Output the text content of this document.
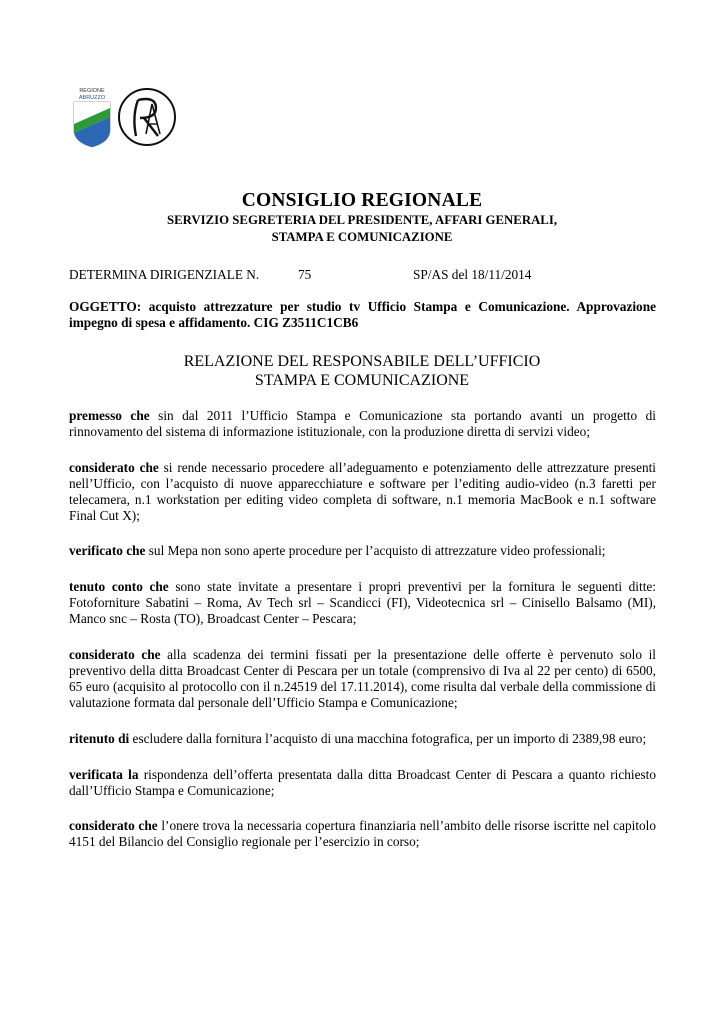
REGIONE
ABRUZZO
CONSIGLIO REGIONALE
SERVIZIO SEGRETERIA DEL PRESIDENTE, AFFARI GENERALI,
STAMPA E COMUNICAZIONE
DETERMINA DIRIGENZIALE N.	75	SP/AS del 18/11/2014
OGGETTO: acquisto attrezzature per studio tv Ufficio Stampa e Comunicazione. Approvazione impegno di spesa e affidamento. CIG Z3511C1CB6
RELAZIONE DEL RESPONSABILE DELL’UFFICIO
STAMPA E COMUNICAZIONE

premesso che sin dal 2011 l’Ufficio Stampa e Comunicazione sta portando avanti un progetto di rinnovamento del sistema di informazione istituzionale, con la produzione diretta di servizi video;

considerato che si rende necessario procedere all’adeguamento e potenziamento delle attrezzature presenti nell’Ufficio, con l’acquisto di nuove apparecchiature e software per l’editing audio-video (n.3 faretti per telecamera, n.1 workstation per editing video completa di software, n.1 memoria MacBook e n.1 software Final Cut X);

verificato che sul Mepa non sono aperte procedure per l’acquisto di attrezzature video professionali;

tenuto conto che sono state invitate a presentare i propri preventivi per la fornitura le seguenti ditte: Fotoforniture Sabatini – Roma, Av Tech srl – Scandicci (FI), Videotecnica srl – Cinisello Balsamo (MI), Manco snc – Rosta (TO), Broadcast Center – Pescara;

considerato che alla scadenza dei termini fissati per la presentazione delle offerte è pervenuto solo il preventivo della ditta Broadcast Center di Pescara per un totale (comprensivo di Iva al 22 per cento) di 6500, 65 euro (acquisito al protocollo con il n.24519 del 17.11.2014), come risulta dal verbale della commissione di valutazione formata dal personale dell’Ufficio Stampa e Comunicazione;

ritenuto di escludere dalla fornitura l’acquisto di una macchina fotografica, per un importo di 2389,98 euro;

verificata la rispondenza dell’offerta presentata dalla ditta Broadcast Center di Pescara a quanto richiesto dall’Ufficio Stampa e Comunicazione;

considerato che l’onere trova la necessaria copertura finanziaria nell’ambito delle risorse iscritte nel capitolo 4151 del Bilancio del Consiglio regionale per l’esercizio in corso;
